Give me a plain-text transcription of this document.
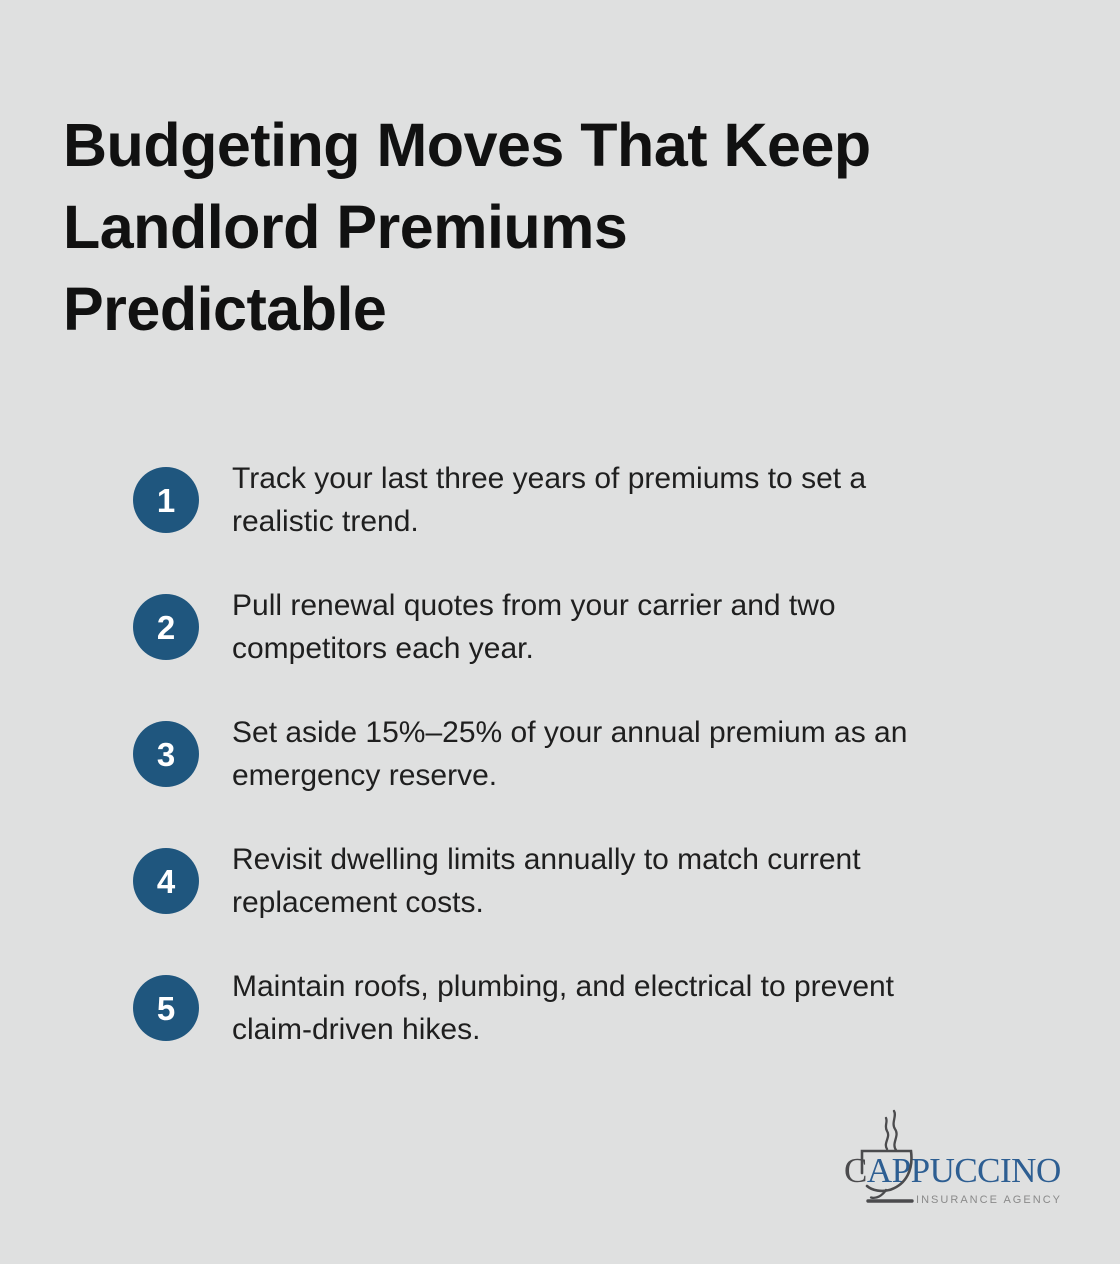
Budgeting Moves That Keep
Landlord Premiums
Predictable
1
Track your last three years of premiums to set a
realistic trend.
2
Pull renewal quotes from your carrier and two
competitors each year.
3
Set aside 15%–25% of your annual premium as an
emergency reserve.
4
Revisit dwelling limits annually to match current
replacement costs.
5
Maintain roofs, plumbing, and electrical to prevent
claim-driven hikes.
CAPPUCCINO
INSURANCE AGENCY
